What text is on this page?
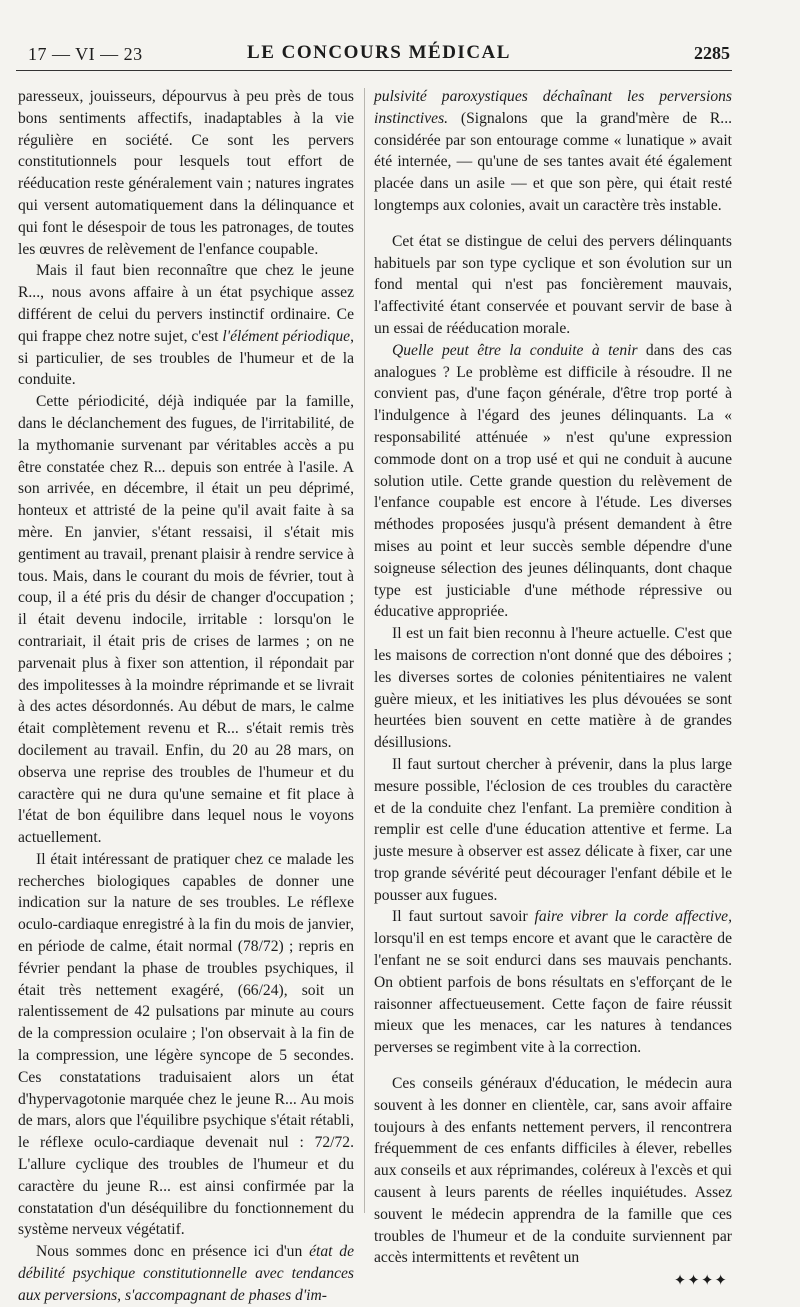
17 — VI — 23	LE CONCOURS MÉDICAL	2285

paresseux, jouisseurs, dépourvus à peu près de tous bons sentiments affectifs, inadaptables à la vie régulière en société. Ce sont les pervers constitutionnels pour lesquels tout effort de rééducation reste généralement vain ; natures ingrates qui versent automatiquement dans la délinquance et qui font le désespoir de tous les patronages, de toutes les œuvres de relèvement de l'enfance coupable.

Mais il faut bien reconnaître que chez le jeune R..., nous avons affaire à un état psychique assez différent de celui du pervers instinctif ordinaire. Ce qui frappe chez notre sujet, c'est l'élément périodique, si particulier, de ses troubles de l'humeur et de la conduite.

Cette périodicité, déjà indiquée par la famille, dans le déclanchement des fugues, de l'irritabilité, de la mythomanie survenant par véritables accès a pu être constatée chez R... depuis son entrée à l'asile. A son arrivée, en décembre, il était un peu déprimé, honteux et attristé de la peine qu'il avait faite à sa mère. En janvier, s'étant ressaisi, il s'était mis gentiment au travail, prenant plaisir à rendre service à tous. Mais, dans le courant du mois de février, tout à coup, il a été pris du désir de changer d'occupation ; il était devenu indocile, irritable : lorsqu'on le contrariait, il était pris de crises de larmes ; on ne parvenait plus à fixer son attention, il répondait par des impolitesses à la moindre réprimande et se livrait à des actes désordonnés. Au début de mars, le calme était complètement revenu et R... s'était remis très docilement au travail. Enfin, du 20 au 28 mars, on observa une reprise des troubles de l'humeur et du caractère qui ne dura qu'une semaine et fit place à l'état de bon équilibre dans lequel nous le voyons actuellement.

Il était intéressant de pratiquer chez ce malade les recherches biologiques capables de donner une indication sur la nature de ses troubles. Le réflexe oculo-cardiaque enregistré à la fin du mois de janvier, en période de calme, était normal (78/72) ; repris en février pendant la phase de troubles psychiques, il était très nettement exagéré, (66/24), soit un ralentissement de 42 pulsations par minute au cours de la compression oculaire ; l'on observait à la fin de la compression, une légère syncope de 5 secondes. Ces constatations traduisaient alors un état d'hypervagotonie marquée chez le jeune R... Au mois de mars, alors que l'équilibre psychique s'était rétabli, le réflexe oculo-cardiaque devenait nul : 72/72. L'allure cyclique des troubles de l'humeur et du caractère du jeune R... est ainsi confirmée par la constatation d'un déséquilibre du fonctionnement du système nerveux végétatif.

Nous sommes donc en présence ici d'un état de débilité psychique constitutionnelle avec tendances aux perversions, s'accompagnant de phases d'im-

pulsivité paroxystiques déchaînant les perversions instinctives. (Signalons que la grand'mère de R... considérée par son entourage comme « lunatique » avait été internée, — qu'une de ses tantes avait été également placée dans un asile — et que son père, qui était resté longtemps aux colonies, avait un caractère très instable.

Cet état se distingue de celui des pervers délinquants habituels par son type cyclique et son évolution sur un fond mental qui n'est pas foncièrement mauvais, l'affectivité étant conservée et pouvant servir de base à un essai de rééducation morale.

Quelle peut être la conduite à tenir dans des cas analogues ? Le problème est difficile à résoudre. Il ne convient pas, d'une façon générale, d'être trop porté à l'indulgence à l'égard des jeunes délinquants. La « responsabilité atténuée » n'est qu'une expression commode dont on a trop usé et qui ne conduit à aucune solution utile. Cette grande question du relèvement de l'enfance coupable est encore à l'étude. Les diverses méthodes proposées jusqu'à présent demandent à être mises au point et leur succès semble dépendre d'une soigneuse sélection des jeunes délinquants, dont chaque type est justiciable d'une méthode répressive ou éducative appropriée.

Il est un fait bien reconnu à l'heure actuelle. C'est que les maisons de correction n'ont donné que des déboires ; les diverses sortes de colonies pénitentiaires ne valent guère mieux, et les initiatives les plus dévouées se sont heurtées bien souvent en cette matière à de grandes désillusions.

Il faut surtout chercher à prévenir, dans la plus large mesure possible, l'éclosion de ces troubles du caractère et de la conduite chez l'enfant. La première condition à remplir est celle d'une éducation attentive et ferme. La juste mesure à observer est assez délicate à fixer, car une trop grande sévérité peut décourager l'enfant débile et le pousser aux fugues.

Il faut surtout savoir faire vibrer la corde affective, lorsqu'il en est temps encore et avant que le caractère de l'enfant ne se soit endurci dans ses mauvais penchants. On obtient parfois de bons résultats en s'efforçant de le raisonner affectueusement. Cette façon de faire réussit mieux que les menaces, car les natures à tendances perverses se regimbent vite à la correction.

Ces conseils généraux d'éducation, le médecin aura souvent à les donner en clientèle, car, sans avoir affaire toujours à des enfants nettement pervers, il rencontrera fréquemment de ces enfants difficiles à élever, rebelles aux conseils et aux réprimandes, coléreux à l'excès et qui causent à leurs parents de réelles inquiétudes. Assez souvent le médecin apprendra de la famille que ces troubles de l'humeur et de la conduite surviennent par accès intermittents et revêtent un

✦✦✦✦
